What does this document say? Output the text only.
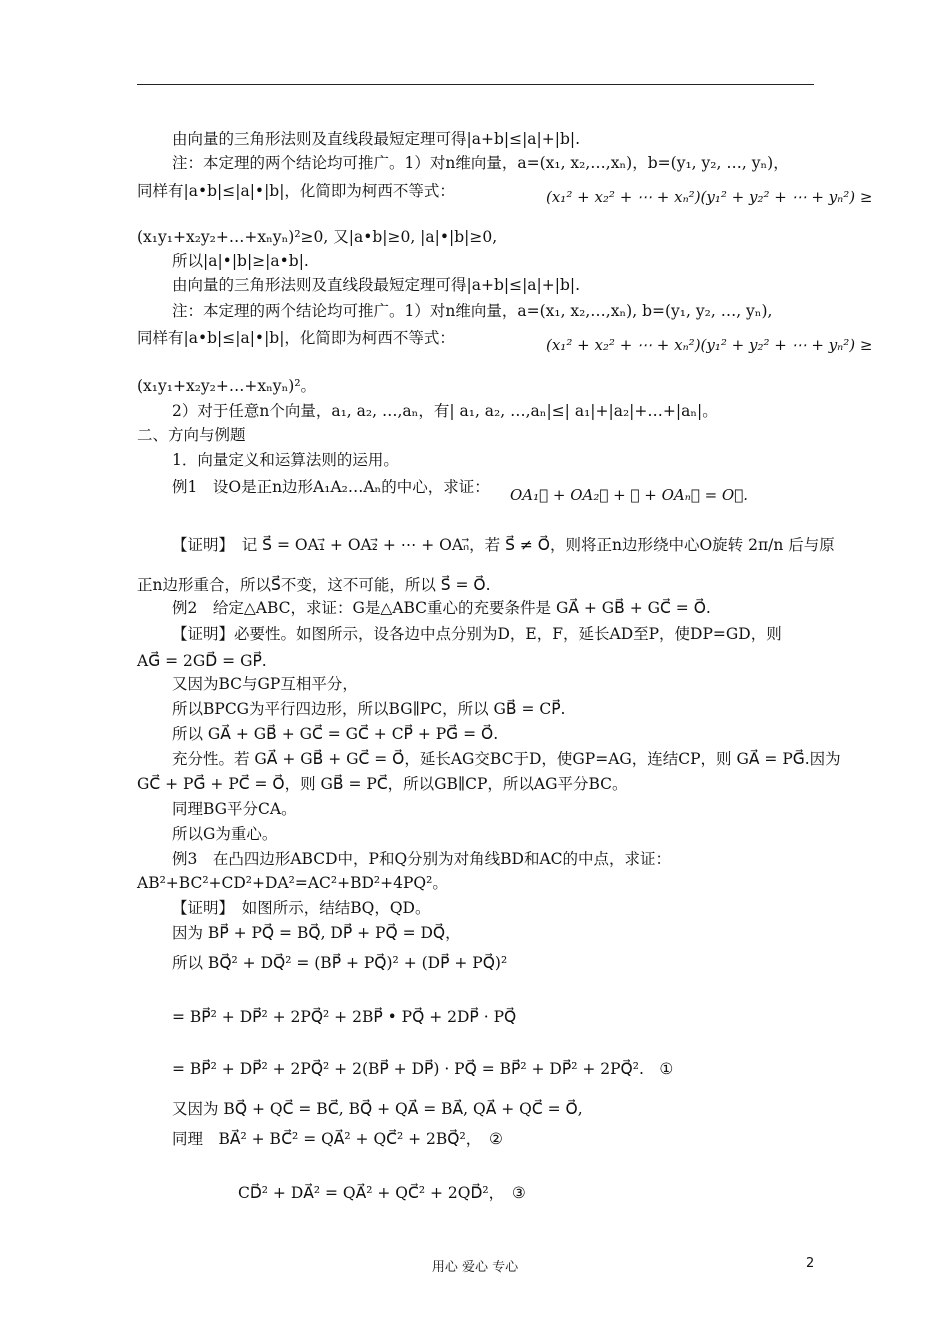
由向量的三角形法则及直线段最短定理可得|a+b|≤|a|+|b|.
注：本定理的两个结论均可推广。1）对n维向量，a=(x₁, x₂,…,xₙ)，b=(y₁, y₂, …, yₙ)，
同样有|a•b|≤|a|•|b|，化简即为柯西不等式：	(x₁² + x₂² + ⋯ + xₙ²)(y₁² + y₂² + ⋯ + yₙ²) ≥
(x₁y₁+x₂y₂+…+xₙyₙ)²≥0, 又|a•b|≥0, |a|•|b|≥0,
所以|a|•|b|≥|a•b|.
由向量的三角形法则及直线段最短定理可得|a+b|≤|a|+|b|.
注：本定理的两个结论均可推广。1）对n维向量，a=(x₁, x₂,…,xₙ), b=(y₁, y₂, …, yₙ),
同样有|a•b|≤|a|•|b|，化简即为柯西不等式：	(x₁² + x₂² + ⋯ + xₙ²)(y₁² + y₂² + ⋯ + yₙ²) ≥
(x₁y₁+x₂y₂+…+xₙyₙ)²。
2）对于任意n个向量，a₁, a₂, …,aₙ，有| a₁, a₂, …,aₙ|≤| a₁|+|a₂|+…+|aₙ|。
二、方向与例题
1．向量定义和运算法则的运用。
例1　设O是正n边形A₁A₂…Aₙ的中心，求证：	OA₁⃗ + OA₂⃗ + ⋯ + OAₙ⃗ = O⃗.
【证明】　记 S⃗ = OA₁⃗ + OA₂⃗ + ⋯ + OAₙ⃗，若 S⃗ ≠ O⃗，则将正n边形绕中心O旋转 2π/n 后与原
正n边形重合，所以S⃗不变，这不可能，所以 S⃗ = O⃗.
例2　给定△ABC，求证：G是△ABC重心的充要条件是 GA⃗ + GB⃗ + GC⃗ = O⃗.
【证明】必要性。如图所示，设各边中点分别为D，E，F，延长AD至P，使DP=GD，则
AG⃗ = 2GD⃗ = GP⃗.
又因为BC与GP互相平分，
所以BPCG为平行四边形，所以BG∥PC，所以 GB⃗ = CP⃗.
所以 GA⃗ + GB⃗ + GC⃗ = GC⃗ + CP⃗ + PG⃗ = O⃗.
充分性。若 GA⃗ + GB⃗ + GC⃗ = O⃗，延长AG交BC于D，使GP=AG，连结CP，则 GA⃗ = PG⃗.因为
GC⃗ + PG⃗ + PC⃗ = O⃗，则 GB⃗ = PC⃗，所以GB∥CP，所以AG平分BC。
同理BG平分CA。
所以G为重心。
例3　在凸四边形ABCD中，P和Q分别为对角线BD和AC的中点，求证：
AB²+BC²+CD²+DA²=AC²+BD²+4PQ²。
【证明】　如图所示，结结BQ，QD。
因为 BP⃗ + PQ⃗ = BQ⃗, DP⃗ + PQ⃗ = DQ⃗，
所以 BQ⃗² + DQ⃗² = (BP⃗ + PQ⃗)² + (DP⃗ + PQ⃗)²
= BP⃗² + DP⃗² + 2PQ⃗² + 2BP⃗ • PQ⃗ + 2DP⃗ · PQ⃗
= BP⃗² + DP⃗² + 2PQ⃗² + 2(BP⃗ + DP⃗) · PQ⃗ = BP⃗² + DP⃗² + 2PQ⃗².　①
又因为 BQ⃗ + QC⃗ = BC⃗, BQ⃗ + QA⃗ = BA⃗, QA⃗ + QC⃗ = O⃗,
同理　BA⃗² + BC⃗² = QA⃗² + QC⃗² + 2BQ⃗²，　②
CD⃗² + DA⃗² = QA⃗² + QC⃗² + 2QD⃗²，　③
用心 爱心 专心	2
